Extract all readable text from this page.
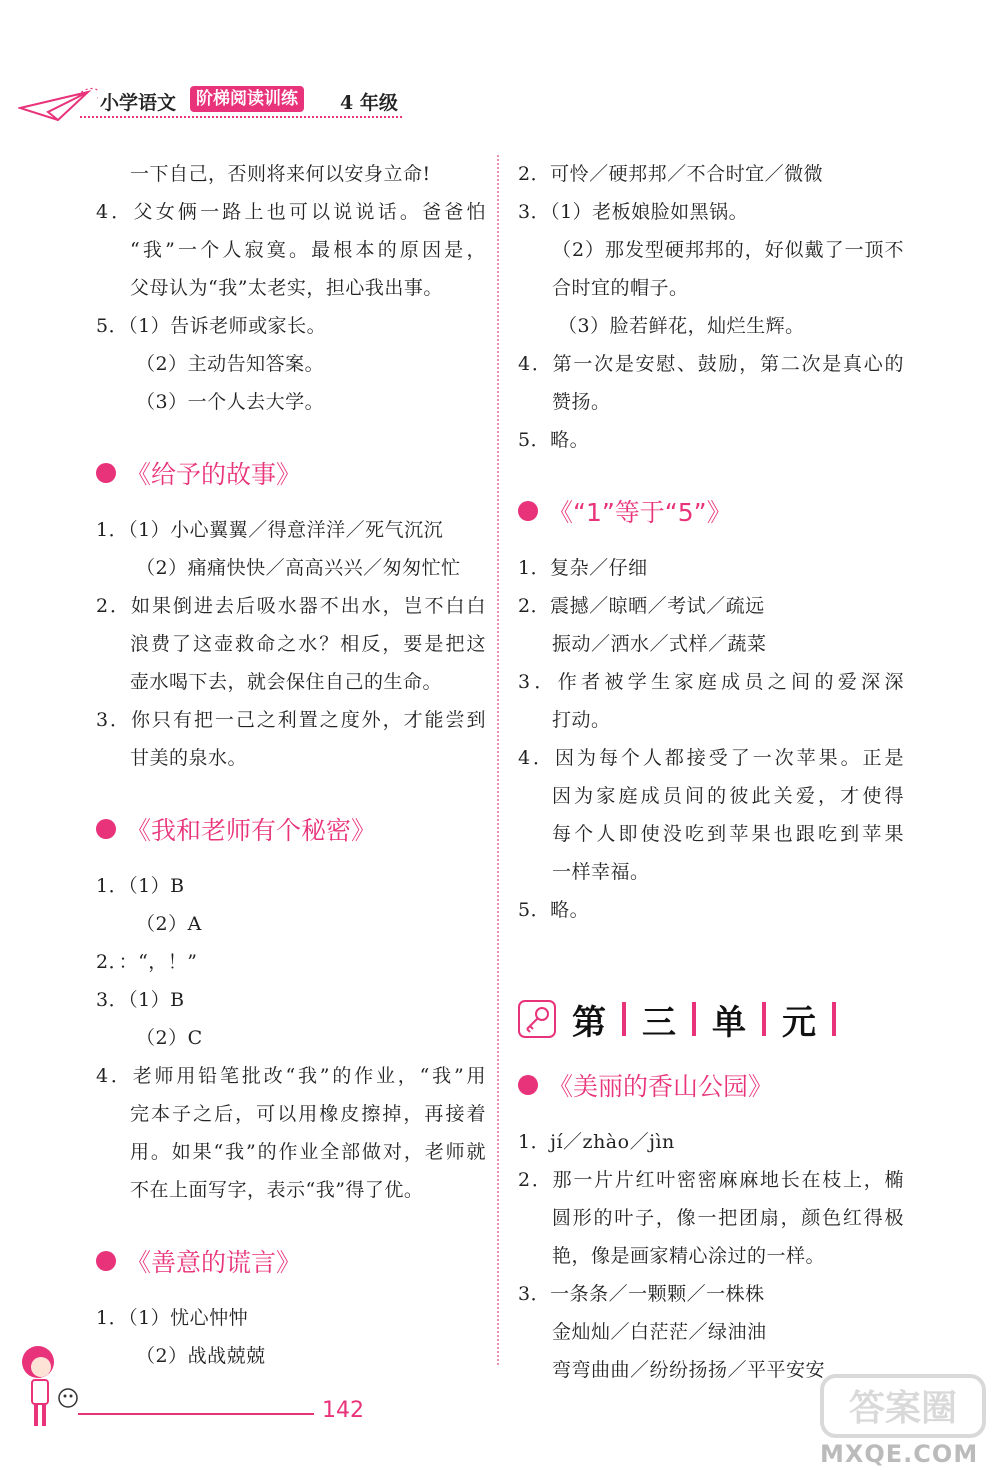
小学语文	阶梯阅读训练	4 年级
一下自己，否则将来何以安身立命!
4．父女俩一路上也可以说说话。爸爸怕
“我”一个人寂寞。最根本的原因是，
父母认为“我”太老实，担心我出事。
5．（1）告诉老师或家长。
（2）主动告知答案。
（3）一个人去大学。
《给予的故事》
1．（1）小心翼翼／得意洋洋／死气沉沉
（2）痛痛快快／高高兴兴／匆匆忙忙
2．如果倒进去后吸水器不出水，岂不白白
浪费了这壶救命之水？相反，要是把这
壶水喝下去，就会保住自己的生命。
3．你只有把一己之利置之度外，才能尝到
甘美的泉水。
《我和老师有个秘密》
1．（1）B
（2）A
2．：“，！”
3．（1）B
（2）C
4．老师用铅笔批改“我”的作业，“我”用
完本子之后，可以用橡皮擦掉，再接着
用。如果“我”的作业全部做对，老师就
不在上面写字，表示“我”得了优。
《善意的谎言》
1．（1）忧心忡忡
（2）战战兢兢
2．可怜／硬邦邦／不合时宜／微微
3．（1）老板娘脸如黑锅。
（2）那发型硬邦邦的，好似戴了一顶不
合时宜的帽子。
（3）脸若鲜花，灿烂生辉。
4．第一次是安慰、鼓励，第二次是真心的
赞扬。
5．略。
《“1”等于“5”》
1．复杂／仔细
2．震撼／晾晒／考试／疏远
振动／洒水／式样／蔬菜
3．作者被学生家庭成员之间的爱深深
打动。
4．因为每个人都接受了一次苹果。正是
因为家庭成员间的彼此关爱，才使得
每个人即使没吃到苹果也跟吃到苹果
一样幸福。
5．略。
第 三 单 元
《美丽的香山公园》
1．jí／zhào／jìn
2．那一片片红叶密密麻麻地长在枝上，椭
圆形的叶子，像一把团扇，颜色红得极
艳，像是画家精心涂过的一样。
3．一条条／一颗颗／一株株
金灿灿／白茫茫／绿油油
弯弯曲曲／纷纷扬扬／平平安安
142	答案圈
MXQE.COM
